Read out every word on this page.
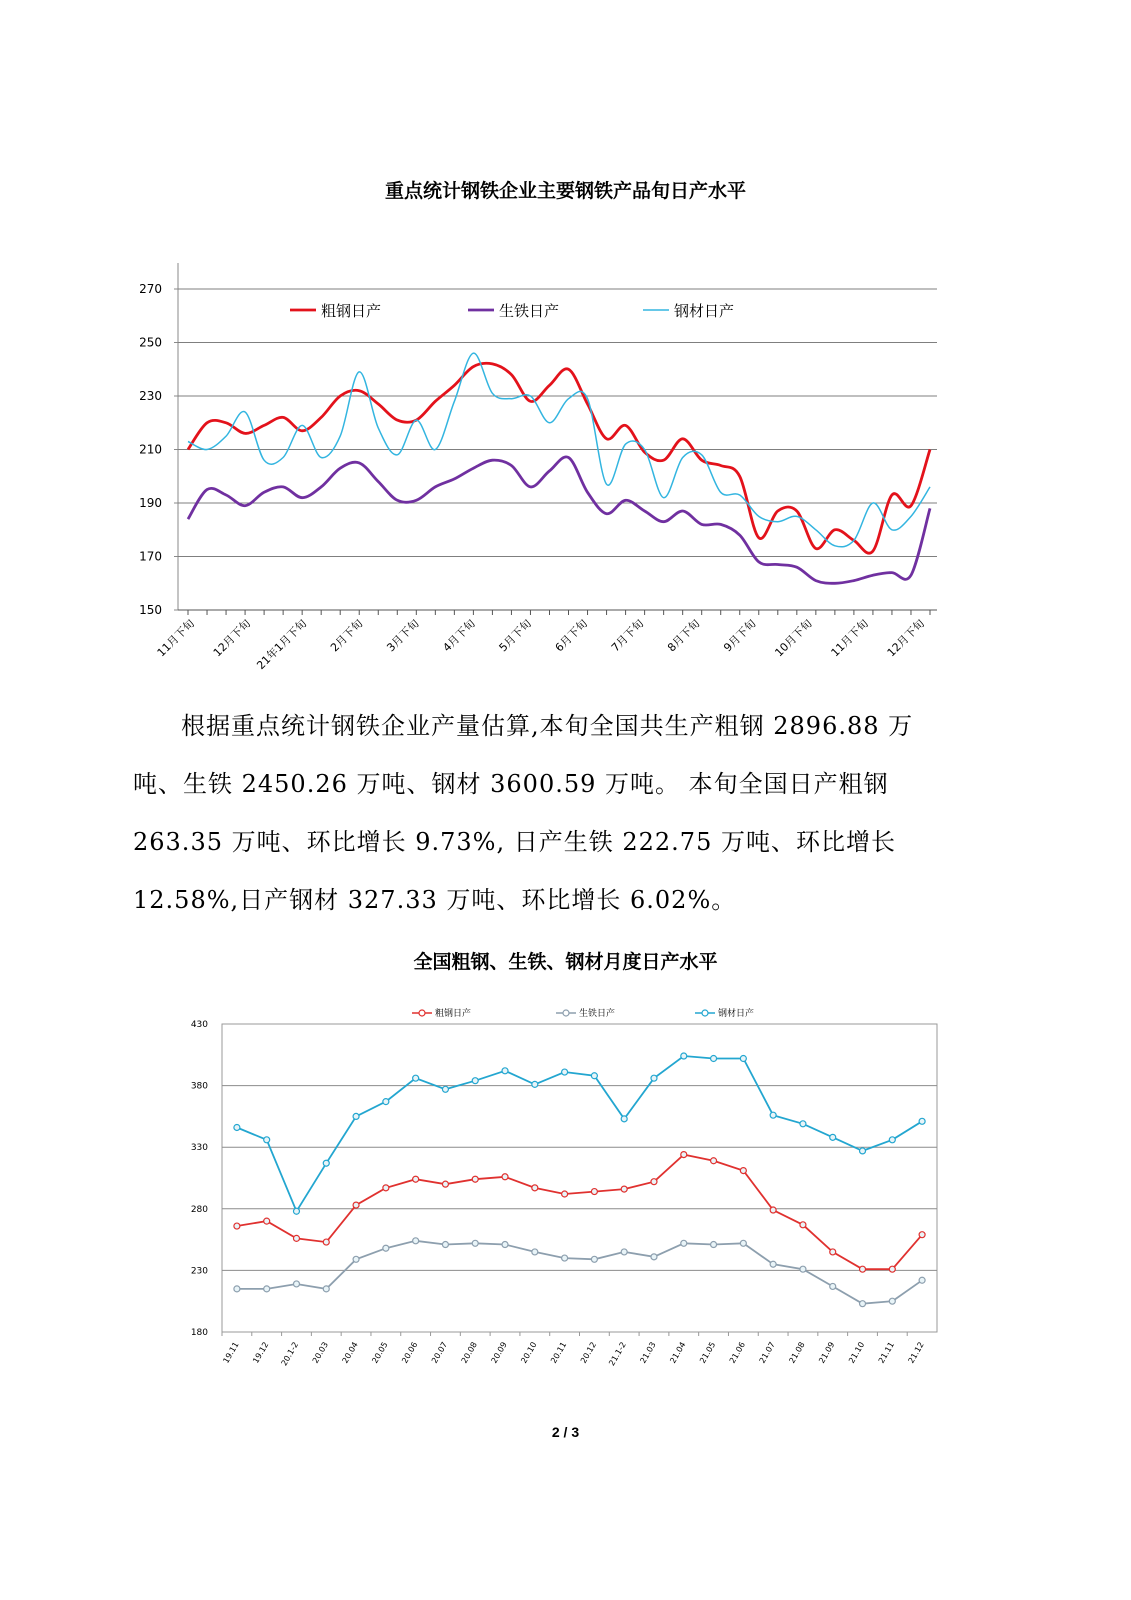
重点统计钢铁企业主要钢铁产品旬日产水平
150
170
190
210
230
250
270
11月下旬 12月下旬 21年1月下旬 2月下旬 3月下旬 4月下旬 5月下旬 6月下旬 7月下旬 8月下旬 9月下旬 10月下旬 11月下旬 12月下旬
粗钢日产	生铁日产	钢材日产

根据重点统计钢铁企业产量估算,本旬全国共生产粗钢 2896.88 万吨、生铁 2450.26 万吨、钢材 3600.59 万吨。 本旬全国日产粗钢 263.35 万吨、环比增长 9.73%, 日产生铁 222.75 万吨、环比增长 12.58%,日产钢材 327.33 万吨、环比增长 6.02%。

全国粗钢、生铁、钢材月度日产水平
180
230
280
330
380
430
19.11 19.12 20.1-2 20.03 20.04 20.05 20.06 20.07 20.08 20.09 20.10 20.11 20.12 21.1-2 21.03 21.04 21.05 21.06 21.07 21.08 21.09 21.10 21.11 21.12
粗钢日产	生铁日产	钢材日产
2 / 3
